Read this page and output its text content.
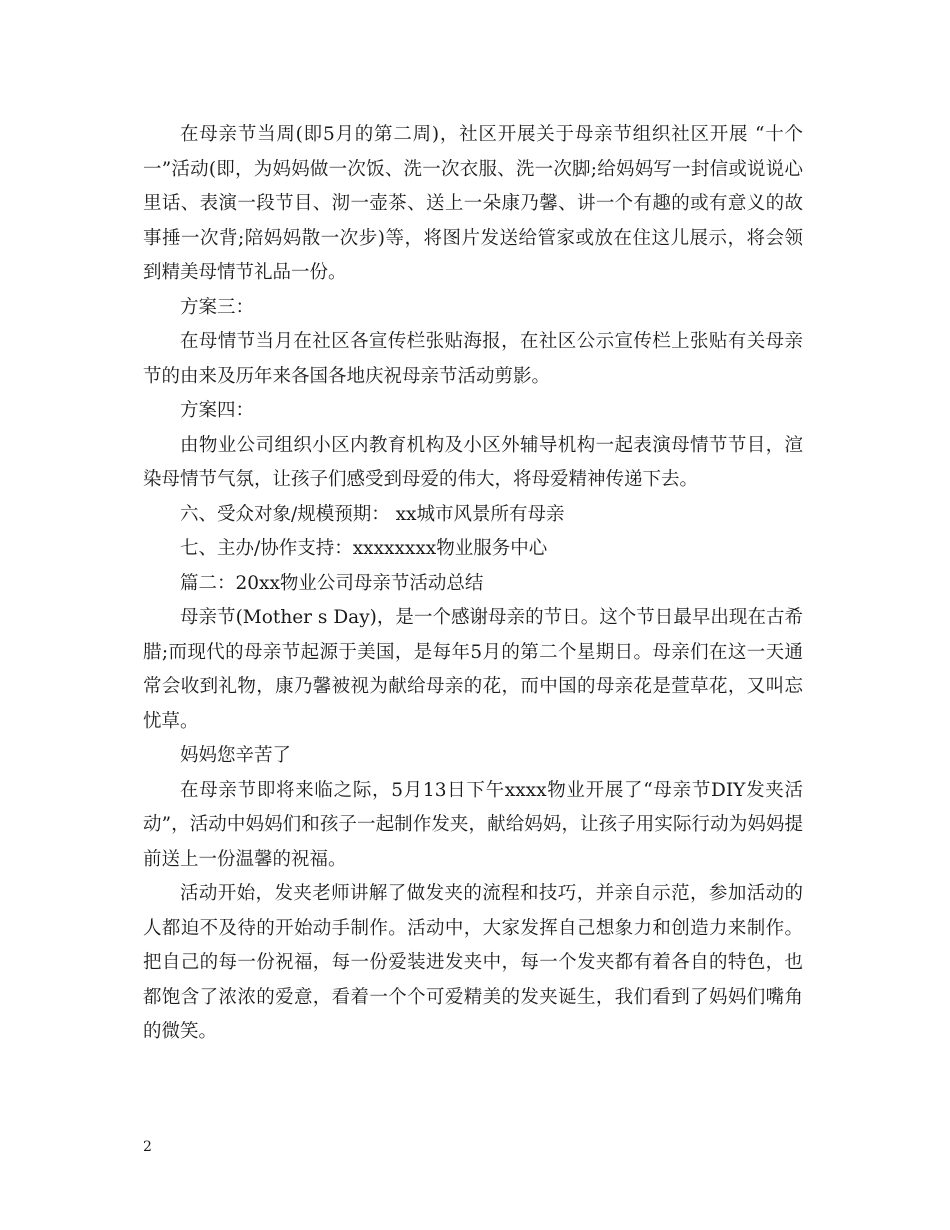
在母亲节当周(即5月的第二周)，社区开展关于母亲节组织社区开展 “十个一”活动(即，为妈妈做一次饭、洗一次衣服、洗一次脚;给妈妈写一封信或说说心里话、表演一段节目、沏一壶茶、送上一朵康乃馨、讲一个有趣的或有意义的故事捶一次背;陪妈妈散一次步)等，将图片发送给管家或放在住这儿展示，将会领到精美母情节礼品一份。

方案三：

在母情节当月在社区各宣传栏张贴海报，在社区公示宣传栏上张贴有关母亲节的由来及历年来各国各地庆祝母亲节活动剪影。

方案四：

由物业公司组织小区内教育机构及小区外辅导机构一起表演母情节节目，渲染母情节气氛，让孩子们感受到母爱的伟大，将母爱精神传递下去。

六、受众对象/规模预期： xx城市风景所有母亲

七、主办/协作支持：xxxxxxxx物业服务中心

篇二：20xx物业公司母亲节活动总结

母亲节(Mother s Day)，是一个感谢母亲的节日。这个节日最早出现在古希腊;而现代的母亲节起源于美国，是每年5月的第二个星期日。母亲们在这一天通常会收到礼物，康乃馨被视为献给母亲的花，而中国的母亲花是萱草花，又叫忘忧草。

妈妈您辛苦了

在母亲节即将来临之际，5月13日下午xxxx物业开展了“母亲节DIY发夹活动”，活动中妈妈们和孩子一起制作发夹，献给妈妈，让孩子用实际行动为妈妈提前送上一份温馨的祝福。

活动开始，发夹老师讲解了做发夹的流程和技巧，并亲自示范，参加活动的人都迫不及待的开始动手制作。活动中，大家发挥自己想象力和创造力来制作。把自己的每一份祝福，每一份爱装进发夹中，每一个发夹都有着各自的特色，也都饱含了浓浓的爱意，看着一个个可爱精美的发夹诞生，我们看到了妈妈们嘴角的微笑。

2
